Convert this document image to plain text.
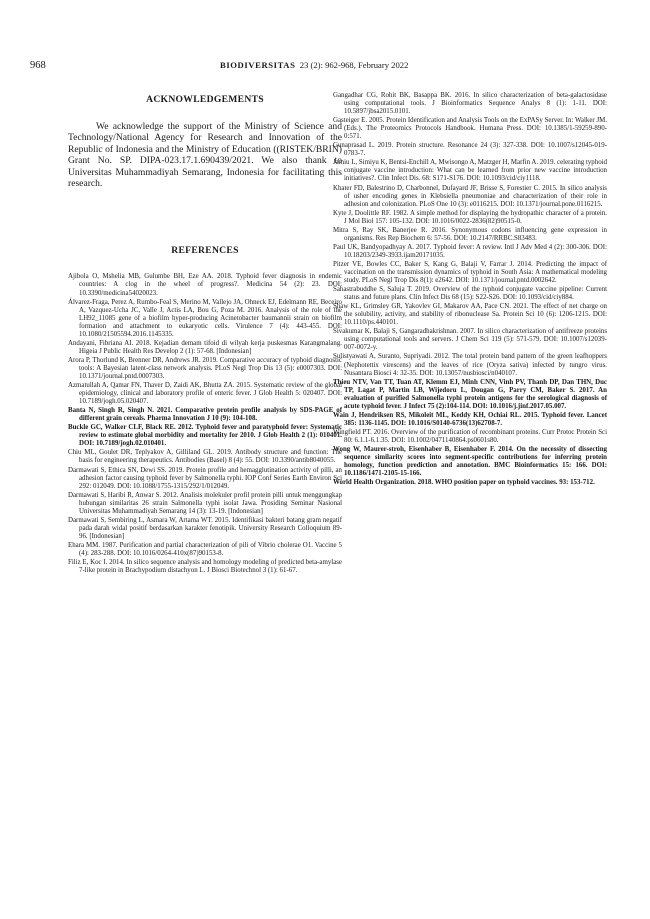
968	BIODIVERSITAS 23 (2): 962-968, February 2022
ACKNOWLEDGEMENTS

We acknowledge the support of the Ministry of Science and Technology/National Agency for Research and Innovation of the Republic of Indonesia and the Ministry of Education ((RISTEK/BRIN) Grant No. SP. DIPA-023.17.1.690439/2021. We also thank to Universitas Muhammadiyah Semarang, Indonesia for facilitating this research.

REFERENCES
Ajibola O, Mshelia MB, Gulumbe BH, Eze AA. 2018. Typhoid fever diagnosis in endemic countries: A clog in the wheel of progress?. Medicina 54 (2): 23. DOI: 10.3390/medicina54020023.
Álvarez-Fraga, Perez A, Rumbo-Feal S, Merino M, Vallejo JA, Ohneck EJ, Edelmann RE, Beceiro A, Vazquez-Ucha JC, Valle J, Actis LA, Bou G, Poza M. 2016. Analysis of the role of the LH92_11085 gene of a biofilm hyper-producing Acinetobacter baumannii strain on biofilm formation and attachment to eukaryotic cells. Virulence 7 (4): 443-455. DOI: 10.1080/21505594.2016.1145335.
Andayani, Fibriana AI. 2018. Kejadian demam tifoid di wilyah kerja puskesmas Karangmalang. Higeia J Public Health Res Develop 2 (1): 57-68. [Indonesian]
Arora P, Thorlund K, Brenner DR, Andrews JR. 2019. Comparative accuracy of typhoid diagnostic tools: A Bayesian latent-class network analysis. PLoS Negl Trop Dis 13 (5): e0007303. DOI: 10.1371/journal.pntd.0007303.
Azmatullah A, Qamar FN, Thaver D, Zaidi AK, Bhutta ZA. 2015. Systematic review of the global epidemiology, clinical and laboratory profile of enteric fever. J Glob Health 5: 020407. DOI: 10.7189/jogh.05.020407.
Banta N, Singh R, Singh N. 2021. Comparative protein profile analysis by SDS-PAGE of different grain cereals. Pharma Innovation J 10 (9): 104-108.
Buckle GC, Walker CLF, Black RE. 2012. Typhoid fever and paratyphoid fever: Systematic review to estimate global morbidity and mortality for 2010. J Glob Health 2 (1): 010401. DOI: 10.7189/jogh.02.010401.
Chiu ML, Goulet DR, Teplyakov A, Gilliland GL. 2019. Antibody structure and function: The basis for engineering therapeutics. Antibodies (Basel) 8 (4): 55. DOI: 10.3390/antib8040055.
Darmawati S, Ethica SN, Dewi SS. 2019. Protein profile and hemagglutination activity of pilli, an adhesion factor causing typhoid fever by Salmonella typhi. IOP Conf Series Earth Environ Sci 292: 012049. DOI: 10.1088/1755-1315/292/1/012049.
Darmawati S, Haribi R, Anwar S. 2012. Analisis molekuler profil protein pilli untuk menggungkap hubungan similaritas 26 strain Salmonella typhi isolat Jawa. Prosiding Seminar Nasional Universitas Muhammadiyah Semarang 14 (3): 13-19. [Indonesian]
Darmawati S, Sembiring L, Asmara W, Artama WT. 2015. Identifikasi bakteri batang gram negatif pada darah widal positif berdasarkan karakter fenotipik. University Research Colloquium 89-96. [Indonesian]
Ehara MM. 1987. Purification and partial characterization of pili of Vibrio cholerae O1. Vaccine 5 (4): 283-288. DOI: 10.1016/0264-410x(87)90153-8.
Filiz E, Koc I. 2014. In silico sequence analysis and homology modeling of predicted beta-amylase 7-like protein in Brachypodium distachyon L. J Biosci Biotechnol 3 (1): 61-67.
Gangadhar CG, Rohit BK, Basappa BK. 2016. In silico characterization of beta-galactosidase using computational tools. J Bioinformatics Sequence Analys 8 (1): 1-11. DOI: 10.5897/jbsa2015.0101.
Gasteiger E. 2005. Protein Identification and Analysis Tools on the ExPASy Server. In: Walker JM. (Eds.). The Proteomics Protocols Handbook. Humana Press. DOI: 10.1385/1-59259-890-0:571.
Gunaprasad L. 2019. Protein structure. Resonance 24 (3): 327-338. DOI: 10.1007/s12045-019-0783-7.
Jamiu L, Simiyu K, Bentsi-Enchill A, Mwisongo A, Matzger H, Marfin A. 2019. celerating typhoid conjugate vaccine introduction: What can be learned from prior new vaccine introduction initiatives?. Clin Infect Dis. 68: S171-S176. DOI: 10.1093/cid/ciy1118.
Khater FD, Balestrino D, Charbonnel, Dufayard JF, Brisse S, Forestier C. 2015. In silico analysis of usher encoding genes in Klebsiella pneumoniae and characterization of their role in adhesion and colonization. PLoS One 10 (3): e0116215. DOI: 10.1371/journal.pone.0116215.
Kyte J, Doolittle RF. 1982. A simple method for displaying the hydropathic character of a protein. J Mol Biol 157: 105-132. DOI: 10.1016/0022-2836(82)90515-0.
Mitra S, Ray SK, Banerjee R. 2016. Synonymous codons influencing gene expression in organisms. Res Rep Biochem 6: 57-56. DOI: 10.2147/RRBC.S83483.
Paul UK, Bandyopadhyay A. 2017. Typhoid fever: A review. Intl J Adv Med 4 (2): 300-306. DOI: 10.18203/2349-3933.ijam20171035.
Pitzer VE, Bowles CC, Baker S, Kang G, Balaji V, Farrar J. 2014. Predicting the impact of vaccination on the transmission dynamics of typhoid in South Asia: A mathematical modeling study. PLoS Negl Trop Dis 8(1): e2642. DOI: 10.1371/journal.pntd.0002642.
Sahastrabuddhe S, Saluja T. 2019. Overview of the typhoid conjugate vaccine pipeline: Current status and future plans. Clin Infect Dis 68 (15): S22-S26. DOI: 10.1093/cid/ciy884.
Shaw KL, Grimsley GR, Yakovlev GI, Makarov AA, Pace CN. 2021. The effect of net charge on the solubility, activity, and stability of ribonuclease Sa. Protein Sci 10 (6): 1206-1215. DOI: 10.1110/ps.440101.
Sivakumar K, Balaji S, Gangaradhakrishnan. 2007. In silico characterization of antifreeze proteins using computational tools and servers. J Chem Sci 119 (5): 571-579. DOI: 10.1007/s12039-007-0072-y.
Sulistyawati A, Suranto, Supriyadi. 2012. The total protein band pattern of the green leafhoppers (Nephotettix virescens) and the leaves of rice (Oryza sativa) infected by tungro virus. Nusantara Biosci 4: 32-35. DOI: 10.13057/nusbiosci/n040107.
Thieu NTV, Van TT, Tuan AT, Klemm EJ, Minh CNN, Vinh PV, Thanh DP, Dan THN, Duc TP, Lagat P, Martin LB, Wijedoru L, Dougan G, Parry CM, Baker S. 2017. An evaluation of purified Salmonella typhi protein antigens for the serological diagnosis of acute typhoid fever. J Infect 75 (2):104-114. DOI: 10.1016/j.jinf.2017.05.007.
Wain J, Hendriksen RS, Mikoleit ML, Keddy KH, Ochiai RL. 2015. Typhoid fever. Lancet 385: 1136-1145. DOI: 10.1016/S0140-6736(13)62708-7.
Wingfield PT. 2016. Overview of the purification of recombinant proteins. Curr Protoc Protein Sci 80: 6.1.1-6.1.35. DOI: 10.1002/0471140864.ps0601s80.
Wong W, Maurer-stroh, Eisenhaber B, Eisenhaber F. 2014. On the necessity of dissecting sequence similarity scores into segment-specific contributions for inferring protein homology, function prediction and annotation. BMC Bioinformatics 15: 166. DOI: 10.1186/1471-2105-15-166.
World Health Organization. 2018. WHO position paper on typhoid vaccines. 93: 153-712.
